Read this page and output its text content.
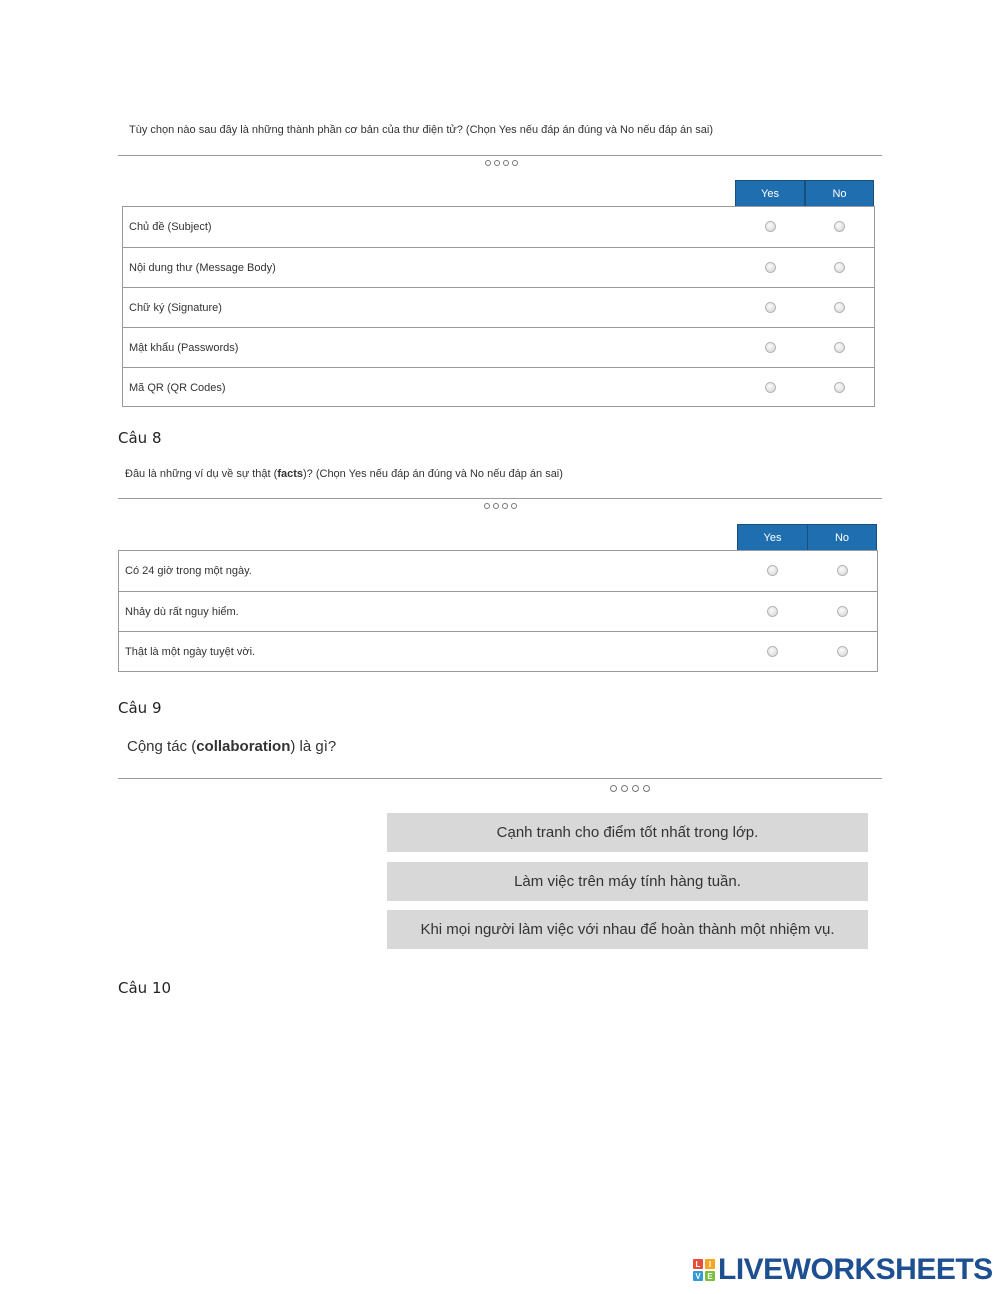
Tùy chọn nào sau đây là những thành phần cơ bản của thư điện tử? (Chọn Yes nếu đáp án đúng và No nếu đáp án sai)
Yes	No
Chủ đề (Subject)
Nội dung thư (Message Body)
Chữ ký (Signature)
Mật khẩu (Passwords)
Mã QR (QR Codes)
Câu 8
Đâu là những ví dụ về sự thật (facts)? (Chọn Yes nếu đáp án đúng và No nếu đáp án sai)
Yes	No
Có 24 giờ trong một ngày.
Nhảy dù rất nguy hiểm.
Thật là một ngày tuyệt vời.
Câu 9
Cộng tác (collaboration) là gì?
Cạnh tranh cho điểm tốt nhất trong lớp.
Làm việc trên máy tính hàng tuần.
Khi mọi người làm việc với nhau để hoàn thành một nhiệm vụ.
Câu 10
L	I
V E LIVEWORKSHEETS
